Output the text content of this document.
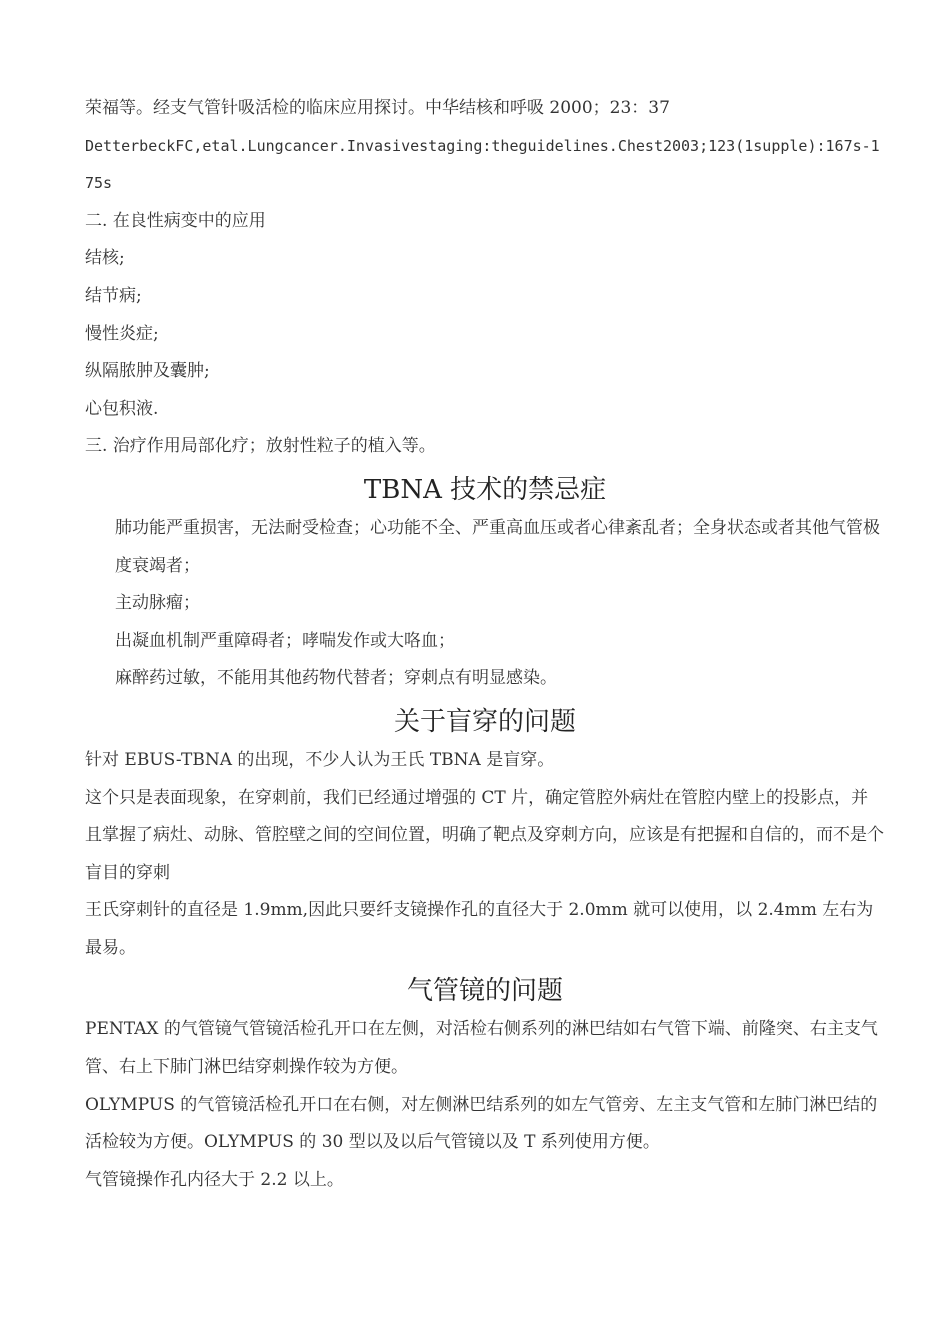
荣福等。经支气管针吸活检的临床应用探讨。中华结核和呼吸 2000；23：37

DetterbeckFC,etal.Lungcancer.Invasivestaging:theguidelines.Chest2003;123(1supple):167s-175s

二. 在良性病变中的应用

结核;

结节病;

慢性炎症;

纵隔脓肿及囊肿;

心包积液.

三. 治疗作用局部化疗；放射性粒子的植入等。

TBNA 技术的禁忌症

肺功能严重损害，无法耐受检查；心功能不全、严重高血压或者心律紊乱者；全身状态或者其他气管极度衰竭者；

主动脉瘤；

出凝血机制严重障碍者；哮喘发作或大咯血；

麻醉药过敏，不能用其他药物代替者；穿刺点有明显感染。

关于盲穿的问题

针对 EBUS-TBNA 的出现，不少人认为王氏 TBNA 是盲穿。

这个只是表面现象，在穿刺前，我们已经通过增强的 CT 片，确定管腔外病灶在管腔内壁上的投影点，并且掌握了病灶、动脉、管腔壁之间的空间位置，明确了靶点及穿刺方向，应该是有把握和自信的，而不是个盲目的穿刺

王氏穿刺针的直径是 1.9mm,因此只要纤支镜操作孔的直径大于 2.0mm 就可以使用，以 2.4mm 左右为最易。

气管镜的问题

PENTAX 的气管镜气管镜活检孔开口在左侧，对活检右侧系列的淋巴结如右气管下端、前隆突、右主支气管、右上下肺门淋巴结穿刺操作较为方便。

OLYMPUS 的气管镜活检孔开口在右侧，对左侧淋巴结系列的如左气管旁、左主支气管和左肺门淋巴结的活检较为方便。OLYMPUS 的 30 型以及以后气管镜以及 T 系列使用方便。

气管镜操作孔内径大于 2.2 以上。
